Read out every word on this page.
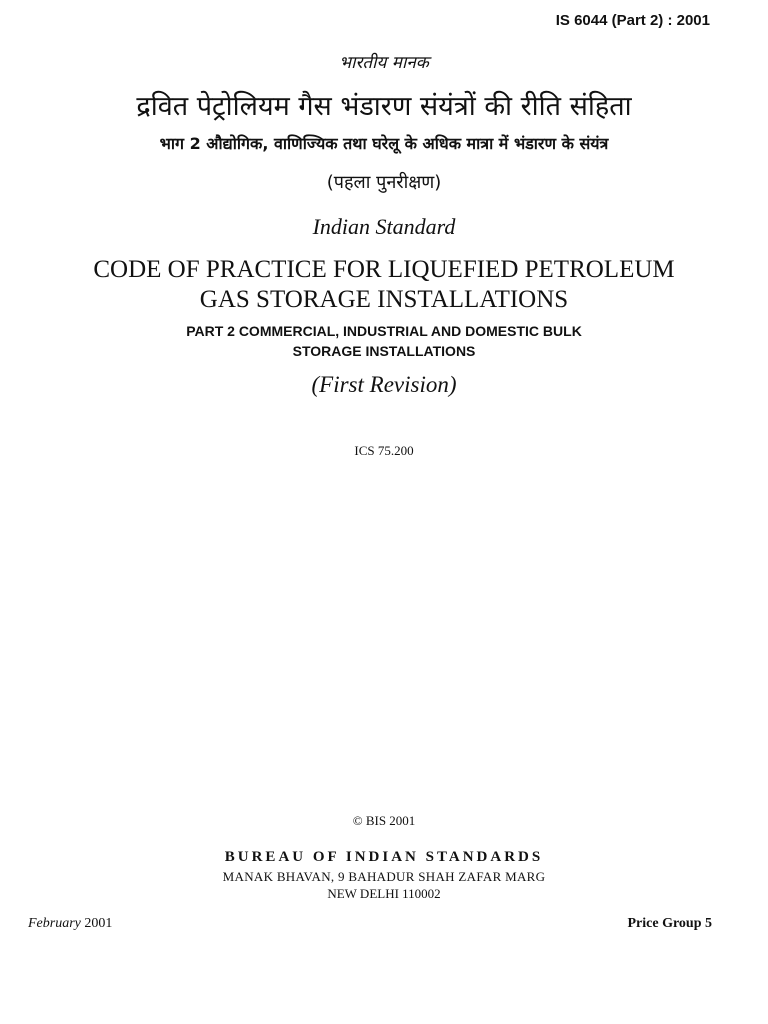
IS 6044 (Part 2) : 2001
भारतीय मानक
द्रवित पेट्रोलियम गैस भंडारण संयंत्रों की रीति संहिता
भाग 2 औद्योगिक, वाणिज्यिक तथा घरेलू के अधिक मात्रा में भंडारण के संयंत्र
(पहला पुनरीक्षण)
Indian Standard
CODE OF PRACTICE FOR LIQUEFIED PETROLEUM
GAS STORAGE INSTALLATIONS
PART 2 COMMERCIAL, INDUSTRIAL AND DOMESTIC BULK
STORAGE INSTALLATIONS
(First Revision)
ICS 75.200
© BIS 2001
BUREAU OF INDIAN STANDARDS
MANAK BHAVAN, 9 BAHADUR SHAH ZAFAR MARG
NEW DELHI 110002
February 2001	Price Group 5
